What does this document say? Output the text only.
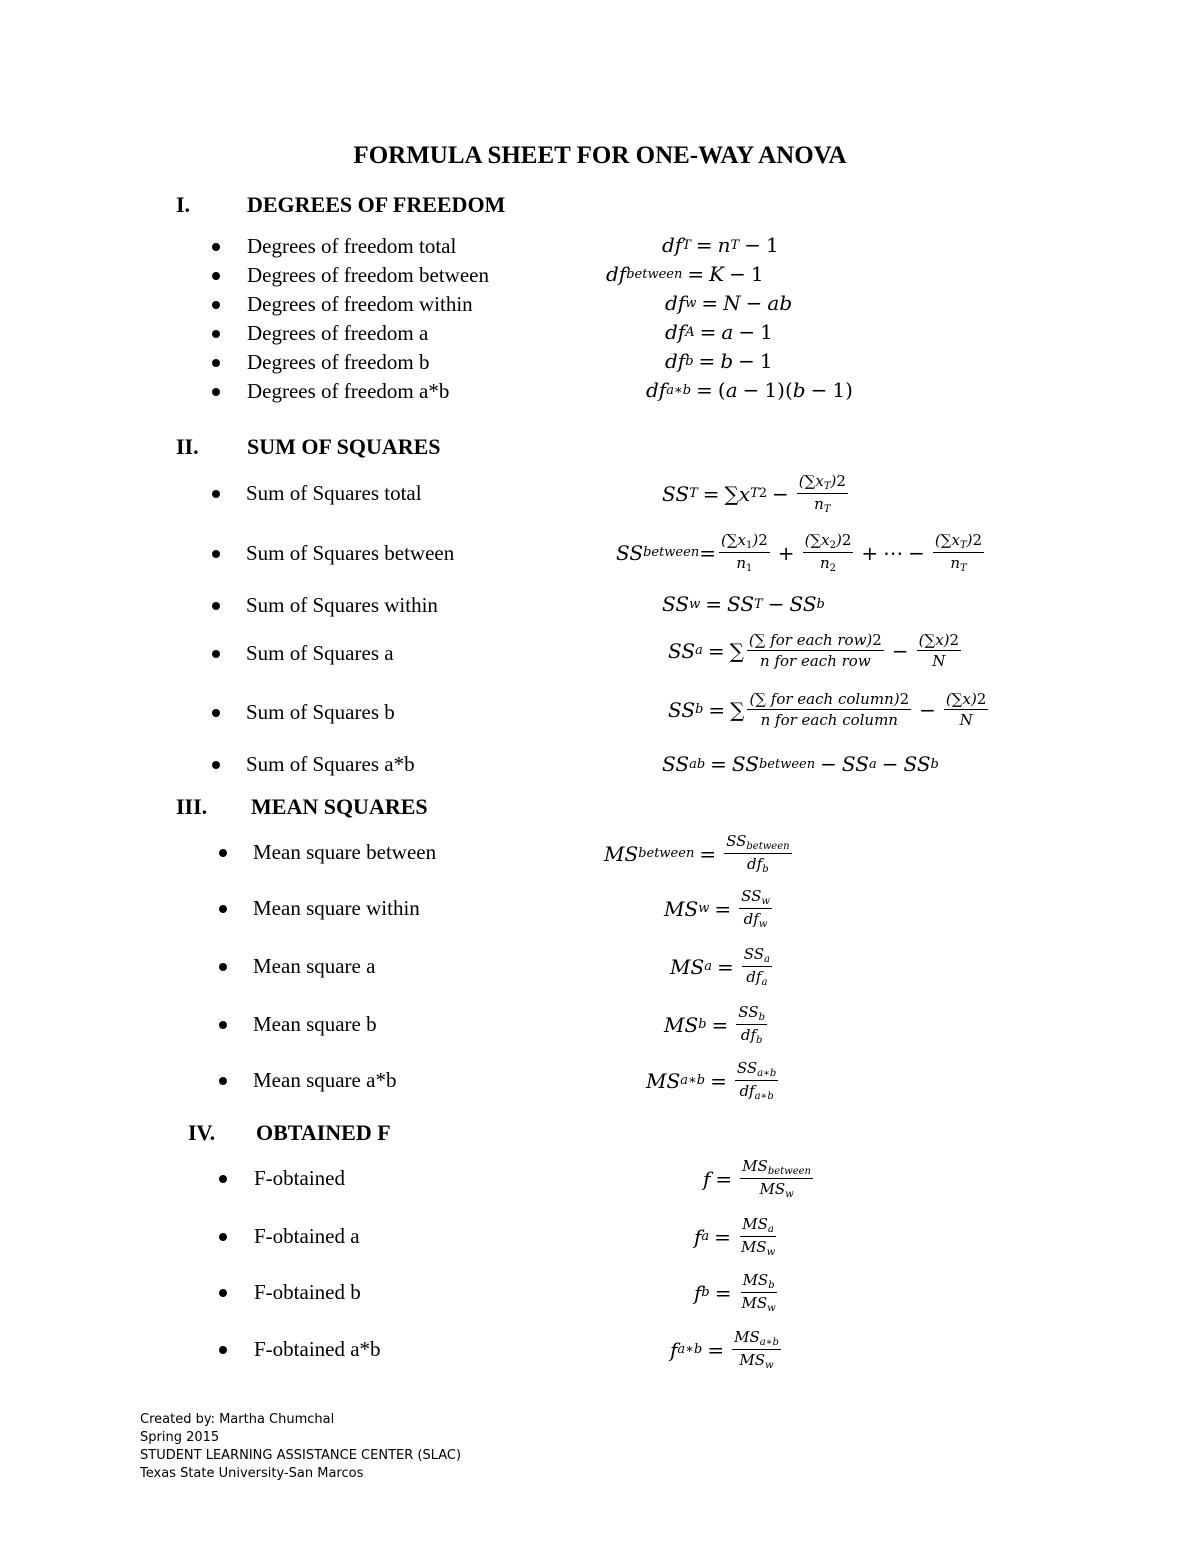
FORMULA SHEET FOR ONE-WAY ANOVA
I.	DEGREES OF FREEDOM
Degrees of freedom total
Degrees of freedom between
Degrees of freedom within
Degrees of freedom a
Degrees of freedom b
Degrees of freedom a*b
df T = n T − 1
df between = K − 1
df w = N − ab
df A = a − 1
df b = b − 1
df a∗b = ( a − 1)( b − 1)
II. SUM OF SQUARES
Sum of Squares total
Sum of Squares between
Sum of Squares within
Sum of Squares a
Sum of Squares b
Sum of Squares a*b
SS T = ∑ x T $2 - \frac{(\sum x_T)2}{n_T}$
SS between = $\frac{(\sum x_1)2}{n_1} + \frac{(\sum x_2)2}{n_2}$ + ⋯ − $\frac{(\sum x_T)2}{n_T}$
SS w = SS T − SS b
SS a = ∑ $\frac{\text{(∑ for each row)2}}{\text{n for each row}} - \frac{(\sum x)2}{N}$
SS b = ∑ $\frac{\text{(∑ for each column)2}}{\text{n for each column}} - \frac{(\sum x)2}{N}$
SS ab = SS between − SS a − SS b
III. MEAN SQUARES
Mean square between
Mean square within
Mean square a
Mean square b
Mean square a*b
MS between = $\frac{SS_{between}}{df_b}$
MS $w = \frac{SS_w}{df_w}$
MS $a = \frac{SS_a}{df_a}$
MS $b = \frac{SS_b}{df_b}$
MS a∗b = $\frac{SS_{a∗b}}{df_{a∗b}}$
IV. OBTAINED F
F-obtained
F-obtained a
F-obtained b
F-obtained a*b
$f = \frac{MS_{between}}{MS_w}$
f $a = \frac{MS_a}{MS_w}$
f $b = \frac{MS_b}{MS_w}$
f a∗b = $\frac{MS_{a∗b}}{MS_w}$
Created by: Martha Chumchal
Spring 2015
STUDENT LEARNING ASSISTANCE CENTER (SLAC)
Texas State University-San Marcos
